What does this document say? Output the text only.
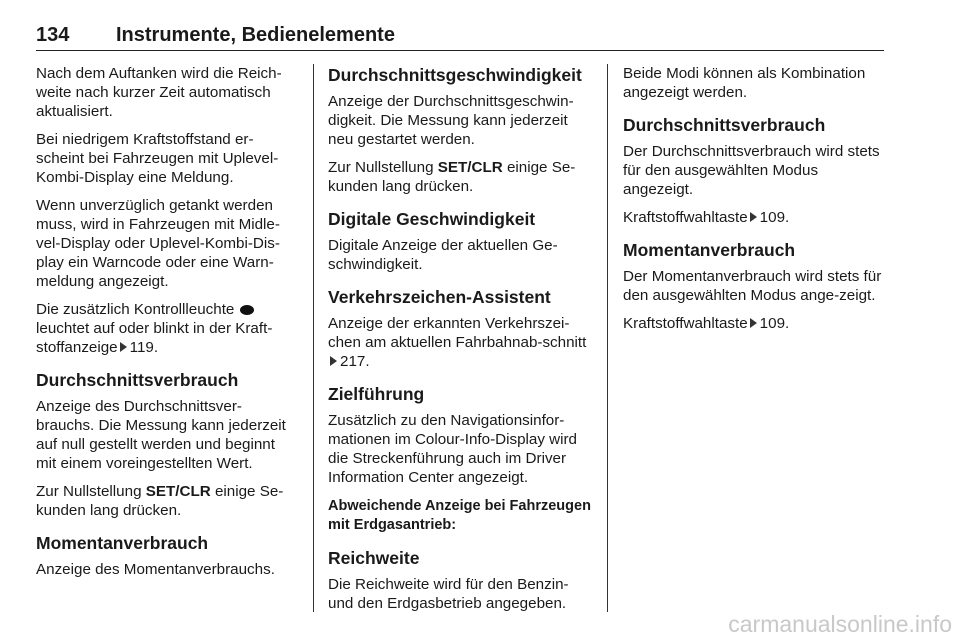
134 Instrumente, Bedienelemente

Nach dem Auftanken wird die Reich-weite nach kurzer Zeit automatisch aktualisiert.

Bei niedrigem Kraftstoffstand er-scheint bei Fahrzeugen mit Uplevel-Kombi-Display eine Meldung.

Wenn unverzüglich getankt werden muss, wird in Fahrzeugen mit Midle-vel-Display oder Uplevel-Kombi-Dis-play ein Warncode oder eine Warn-meldung angezeigt.

Die zusätzlich Kontrollleuchte  leuchtet auf oder blinkt in der Kraft-stoffanzeige 119.

Durchschnittsverbrauch

Anzeige des Durchschnittsver-brauchs. Die Messung kann jederzeit auf null gestellt werden und beginnt mit einem voreingestellten Wert.

Zur Nullstellung SET/CLR einige Se-kunden lang drücken.

Momentanverbrauch

Anzeige des Momentanverbrauchs.

Durchschnittsgeschwindigkeit

Anzeige der Durchschnittsgeschwin-digkeit. Die Messung kann jederzeit neu gestartet werden.

Zur Nullstellung SET/CLR einige Se-kunden lang drücken.

Digitale Geschwindigkeit

Digitale Anzeige der aktuellen Ge-schwindigkeit.

Verkehrszeichen-Assistent

Anzeige der erkannten Verkehrszei-chen am aktuellen Fahrbahnab-schnitt217.

Zielführung

Zusätzlich zu den Navigationsinfor-mationen im Colour-Info-Display wird die Streckenführung auch im Driver Information Center angezeigt.

Abweichende Anzeige bei Fahrzeugen mit Erdgasantrieb:
Reichweite

Die Reichweite wird für den Benzin- und den Erdgasbetrieb angegeben.

Beide Modi können als Kombination angezeigt werden.

Durchschnittsverbrauch

Der Durchschnittsverbrauch wird stets für den ausgewählten Modus angezeigt.

Kraftstoffwahltaste 109.

Momentanverbrauch

Der Momentanverbrauch wird stets für den ausgewählten Modus ange-zeigt.

Kraftstoffwahltaste 109.

carmanualsonline.info
